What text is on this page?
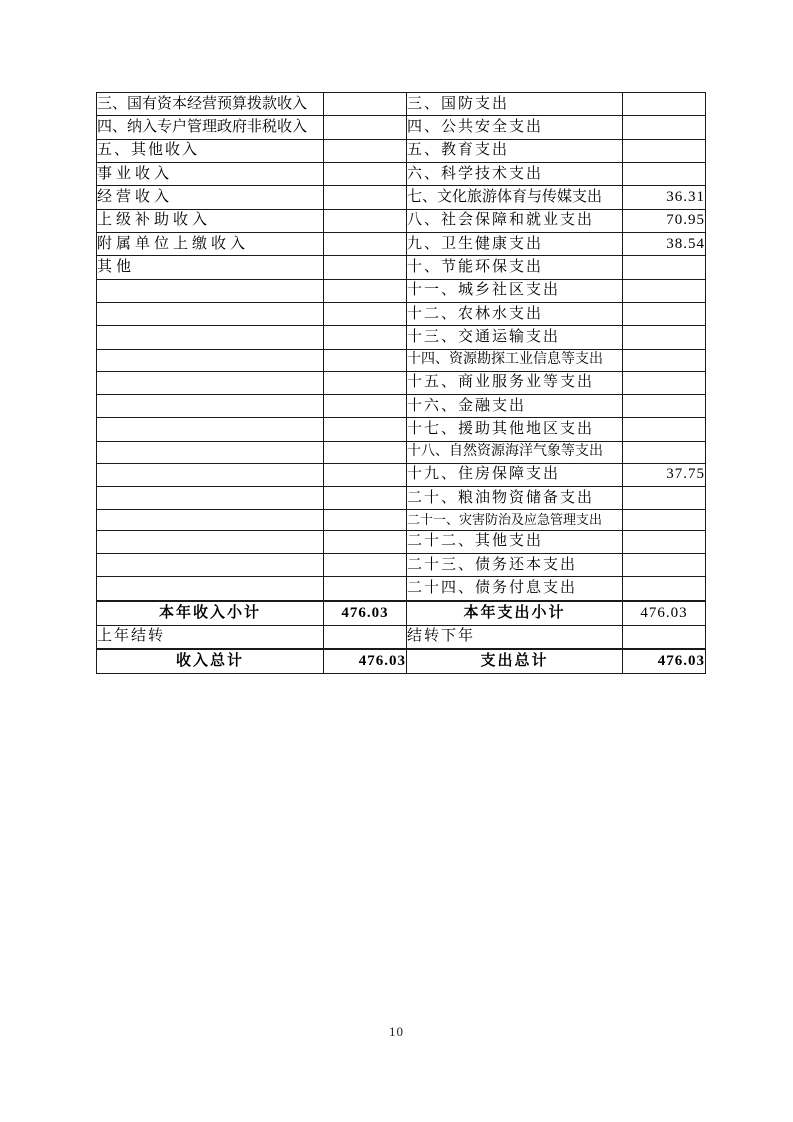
三、国有资本经营预算拨款收入		三、国防支出	
四、纳入专户管理政府非税收入		四、公共安全支出	
五、其他收入		五、教育支出	
事业收入		六、科学技术支出	
经营收入		七、文化旅游体育与传媒支出	36.31
上级补助收入		八、社会保障和就业支出	70.95
附属单位上缴收入		九、卫生健康支出	38.54
其他		十、节能环保支出	
		十一、城乡社区支出	
		十二、农林水支出	
		十三、交通运输支出	
		十四、资源勘探工业信息等支出	
		十五、商业服务业等支出	
		十六、金融支出	
		十七、援助其他地区支出	
		十八、自然资源海洋气象等支出	
		十九、住房保障支出	37.75
		二十、粮油物资储备支出	
		二十一、灾害防治及应急管理支出	
		二十二、其他支出	
		二十三、债务还本支出	
		二十四、债务付息支出	

本年收入小计	476.03	本年支出小计	476.03
上年结转		结转下年	

收入总计	476.03	支出总计	476.03
10
